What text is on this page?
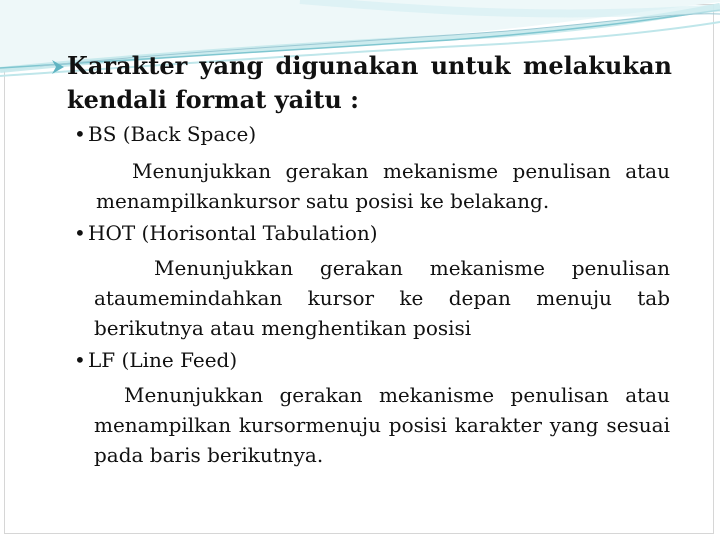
Karakter yang digunakan untuk melakukan
kendali format yaitu :
• BS (Back Space)
Menunjukkan gerakan mekanisme penulisan atau
menampilkankursor satu posisi ke belakang.
• HOT (Horisontal Tabulation)
Menunjukkan gerakan mekanisme penulisan
ataumemindahkan kursor ke depan menuju tab
berikutnya atau menghentikan posisi
• LF (Line Feed)
Menunjukkan gerakan mekanisme penulisan atau
menampilkan kursormenuju posisi karakter yang sesuai
pada baris berikutnya.
